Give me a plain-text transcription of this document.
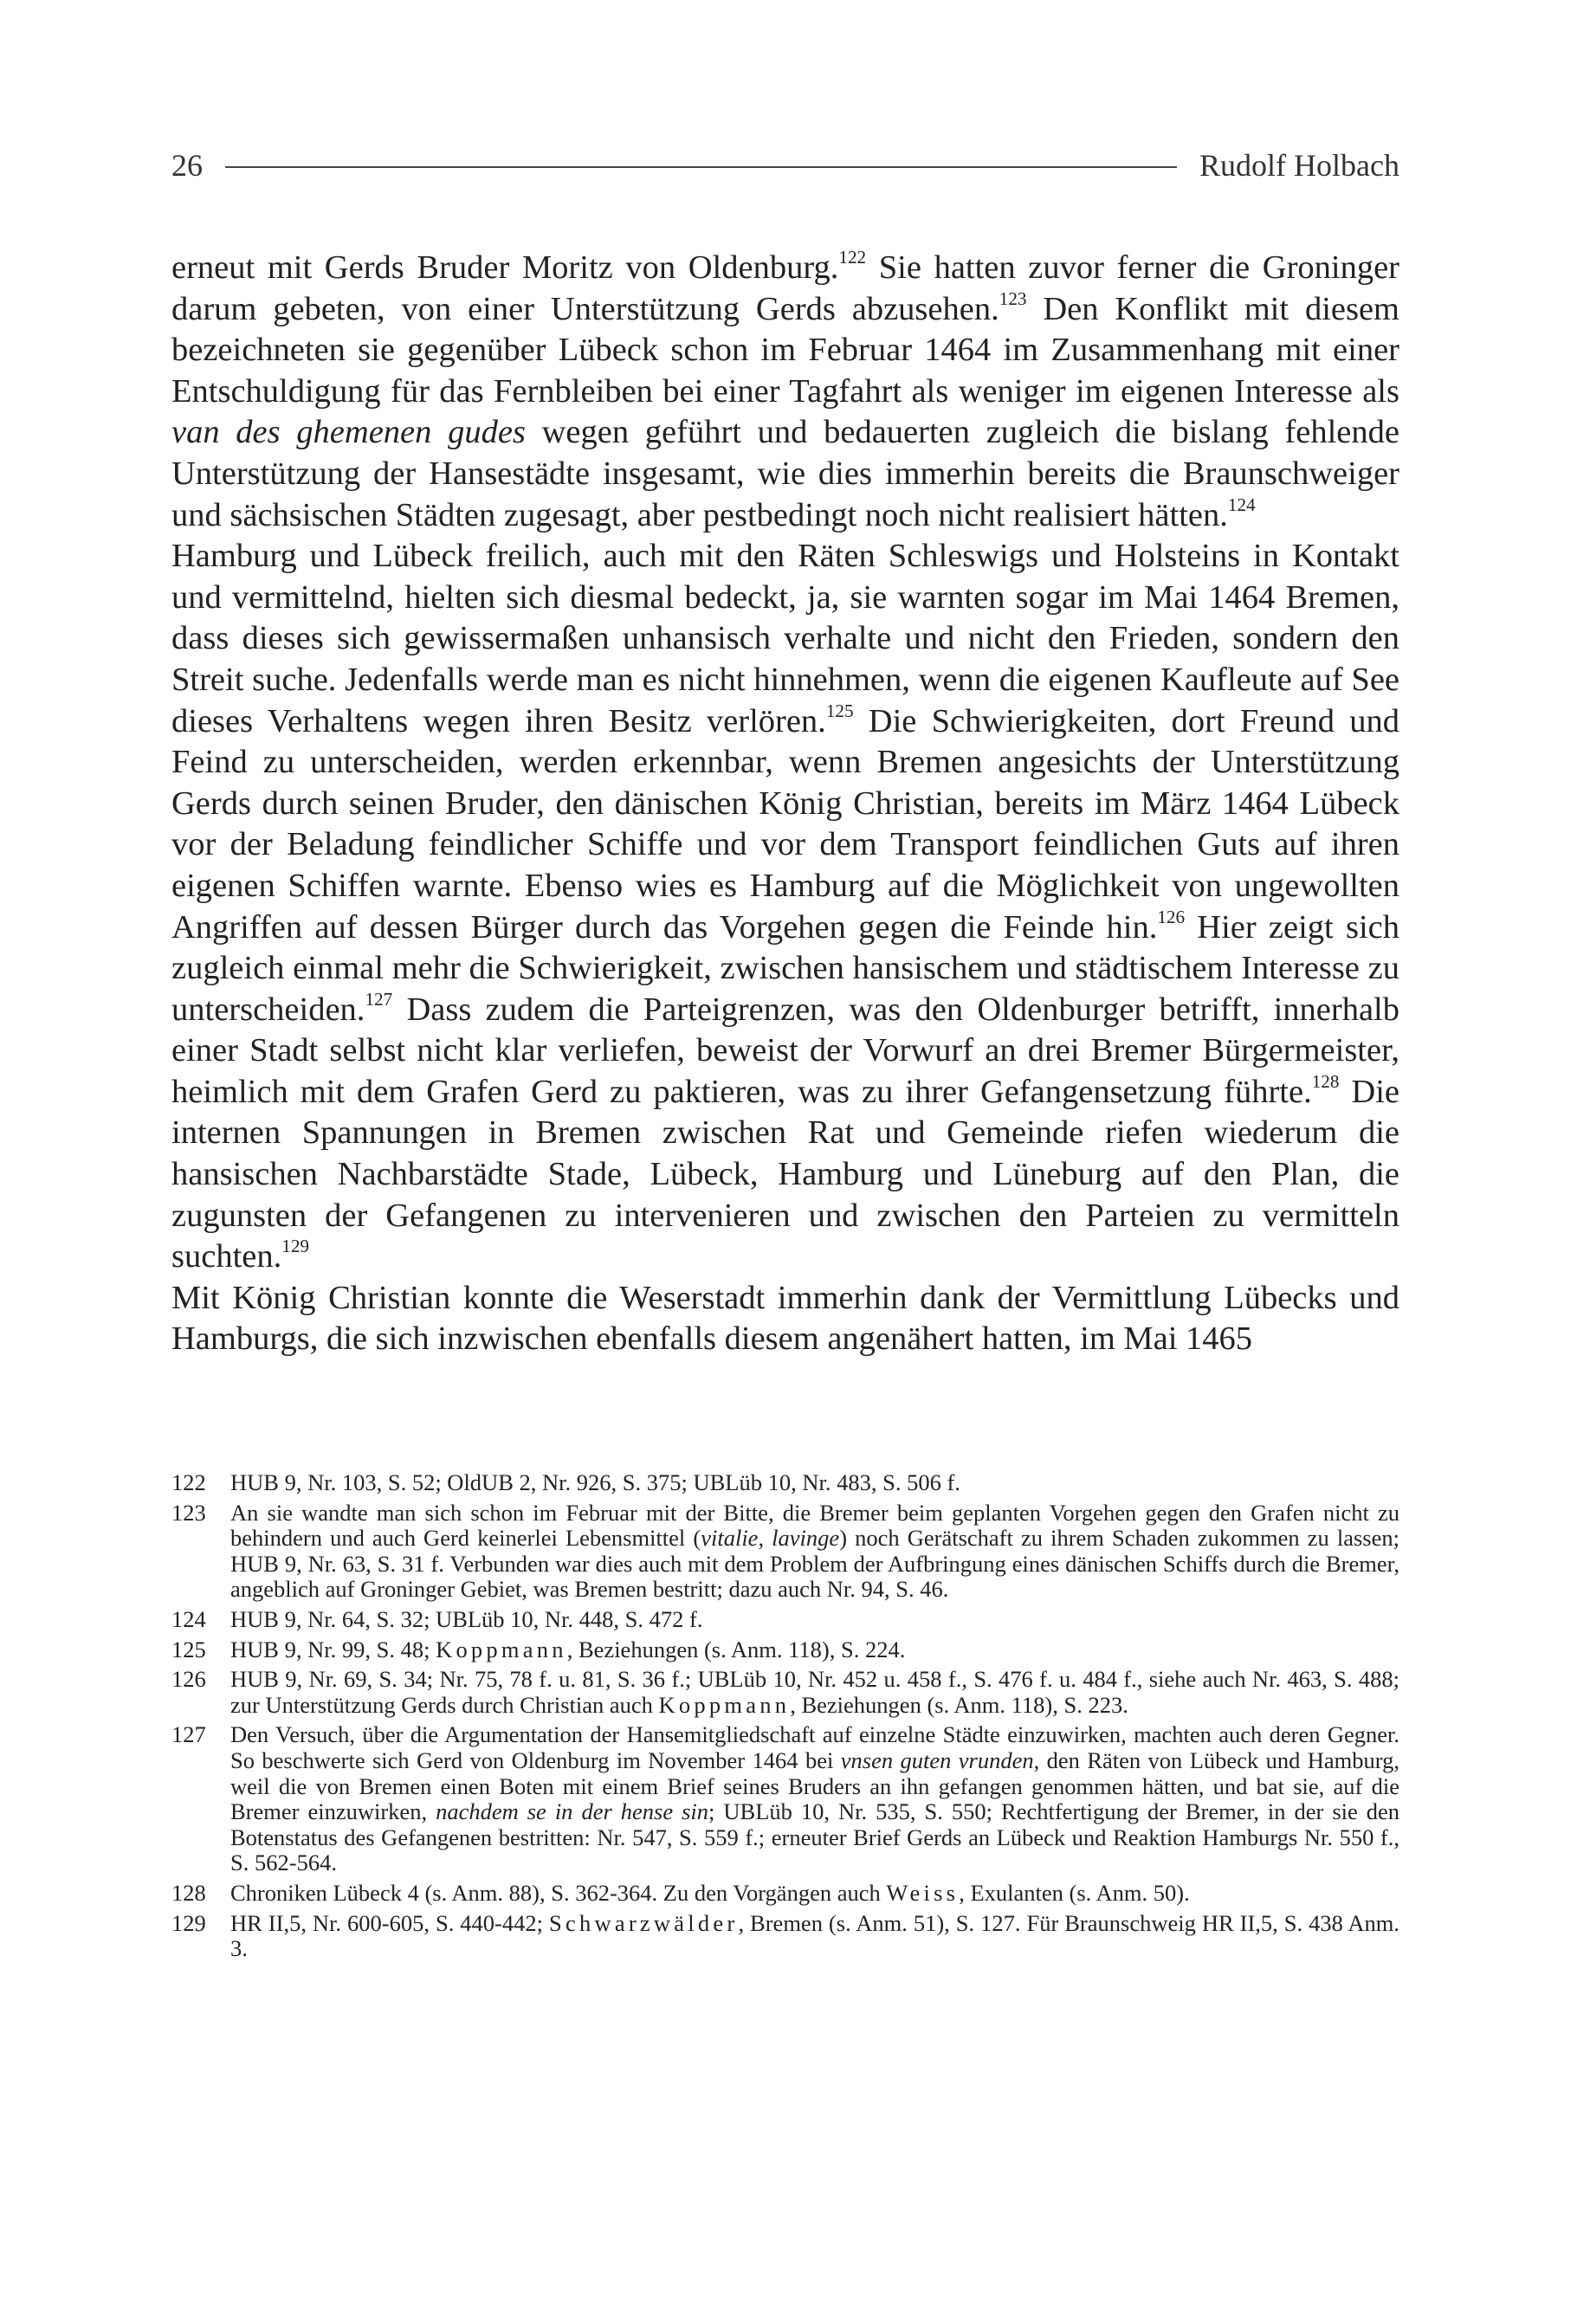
26	Rudolf Holbach

erneut mit Gerds Bruder Moritz von Oldenburg.$^{122}$ Sie hatten zuvor ferner die Groninger darum gebeten, von einer Unterstützung Gerds abzusehen.$^{123}$ Den Konflikt mit diesem bezeichneten sie gegenüber Lübeck schon im Februar 1464 im Zusammenhang mit einer Entschuldigung für das Fernbleiben bei einer Tagfahrt als weniger im eigenen Interesse als van des ghemenen gudes wegen geführt und bedauerten zugleich die bislang fehlende Unterstützung der Hansestädte insgesamt, wie dies immerhin bereits die Braunschweiger und sächsischen Städten zugesagt, aber pestbedingt noch nicht realisiert hätten.$^{124}$

Hamburg und Lübeck freilich, auch mit den Räten Schleswigs und Holsteins in Kontakt und vermittelnd, hielten sich diesmal bedeckt, ja, sie warnten sogar im Mai 1464 Bremen, dass dieses sich gewissermaßen unhansisch verhalte und nicht den Frieden, sondern den Streit suche. Jedenfalls werde man es nicht hinnehmen, wenn die eigenen Kaufleute auf See dieses Verhaltens wegen ihren Besitz verlören.$^{125}$ Die Schwierigkeiten, dort Freund und Feind zu unterscheiden, werden erkennbar, wenn Bremen angesichts der Unterstützung Gerds durch seinen Bruder, den dänischen König Christian, bereits im März 1464 Lübeck vor der Beladung feindlicher Schiffe und vor dem Transport feindlichen Guts auf ihren eigenen Schiffen warnte. Ebenso wies es Hamburg auf die Möglichkeit von ungewollten Angriffen auf dessen Bürger durch das Vorgehen gegen die Feinde hin.$^{126}$ Hier zeigt sich zugleich einmal mehr die Schwierigkeit, zwischen hansischem und städtischem Interesse zu unterscheiden.$^{127}$ Dass zudem die Parteigrenzen, was den Oldenburger betrifft, innerhalb einer Stadt selbst nicht klar verliefen, beweist der Vorwurf an drei Bremer Bürgermeister, heimlich mit dem Grafen Gerd zu paktieren, was zu ihrer Gefangensetzung führte.$^{128}$ Die internen Spannungen in Bremen zwischen Rat und Gemeinde riefen wiederum die hansischen Nachbarstädte Stade, Lübeck, Hamburg und Lüneburg auf den Plan, die zugunsten der Gefangenen zu intervenieren und zwischen den Parteien zu vermitteln suchten.$^{129}$

Mit König Christian konnte die Weserstadt immerhin dank der Vermittlung Lübecks und Hamburgs, die sich inzwischen ebenfalls diesem angenähert hatten, im Mai 1465

122	HUB 9, Nr. 103, S. 52; OldUB 2, Nr. 926, S. 375; UBLüb 10, Nr. 483, S. 506 f.
123	An sie wandte man sich schon im Februar mit der Bitte, die Bremer beim geplanten Vorgehen gegen den Grafen nicht zu behindern und auch Gerd keinerlei Lebensmittel (vitalie, lavinge) noch Gerätschaft zu ihrem Schaden zukommen zu lassen; HUB 9, Nr. 63, S. 31 f. Verbunden war dies auch mit dem Problem der Aufbringung eines dänischen Schiffs durch die Bremer, angeblich auf Groninger Gebiet, was Bremen bestritt; dazu auch Nr. 94, S. 46.
124	HUB 9, Nr. 64, S. 32; UBLüb 10, Nr. 448, S. 472 f.
125	HUB 9, Nr. 99, S. 48; Koppmann, Beziehungen (s. Anm. 118), S. 224.
126	HUB 9, Nr. 69, S. 34; Nr. 75, 78 f. u. 81, S. 36 f.; UBLüb 10, Nr. 452 u. 458 f., S. 476 f. u. 484 f., siehe auch Nr. 463, S. 488; zur Unterstützung Gerds durch Christian auch Koppmann, Beziehungen (s. Anm. 118), S. 223.
127	Den Versuch, über die Argumentation der Hansemitgliedschaft auf einzelne Städte einzuwirken, machten auch deren Gegner. So beschwerte sich Gerd von Oldenburg im November 1464 bei vnsen guten vrunden, den Räten von Lübeck und Hamburg, weil die von Bremen einen Boten mit einem Brief seines Bruders an ihn gefangen genommen hätten, und bat sie, auf die Bremer einzuwirken, nachdem se in der hense sin; UBLüb 10, Nr. 535, S. 550; Rechtfertigung der Bremer, in der sie den Botenstatus des Gefangenen bestritten: Nr. 547, S. 559 f.; erneuter Brief Gerds an Lübeck und Reaktion Hamburgs Nr. 550 f., S. 562-564.
128	Chroniken Lübeck 4 (s. Anm. 88), S. 362-364. Zu den Vorgängen auch Weiss, Exulanten (s. Anm. 50).
129	HR II,5, Nr. 600-605, S. 440-442; Schwarzwälder, Bremen (s. Anm. 51), S. 127. Für Braunschweig HR II,5, S. 438 Anm. 3.
